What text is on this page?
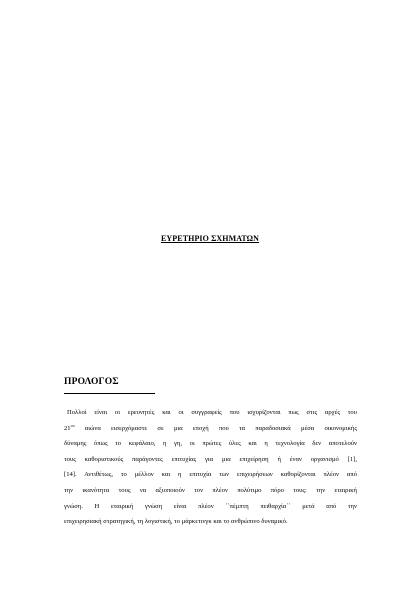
ΕΥΡΕΤΗΡΙΟ ΣΧΗΜΑΤΩΝ
ΠΡΟΛΟΓΟΣ
Πολλοί είναι οι ερευνητές και οι συγγραφείς που ισχυρίζονται πως στις αρχές του
$21^{o\upsilon}$ αιώνα εισερχόμαστε σε μια εποχή που τα παραδοσιακά μέσα οικονομικής
δύναμης όπως το κεφάλαιο, η γη, οι πρώτες ύλες και η τεχνολογία δεν αποτελούν
τους καθοριστικούς παράγοντες επιτυχίας για μια επιχείρηση ή έναν οργανισμό [1],
[14]. Αντιθέτως, το μέλλον και η επιτυχία των επιχειρήσεων καθορίζονται πλέον από
την ικανότητα τους να αξιοποιούν τον πλέον πολύτιμο πόρο τους: την εταιρική
γνώση. Η εταιρική γνώση είναι πλέον ΄΄πέμπτη πειθαρχία΄΄ μετά από την
επιχειρησιακή στρατηγική, τη λογιστική, το μάρκετινγκ και το ανθρώπινο δυναμικό.
